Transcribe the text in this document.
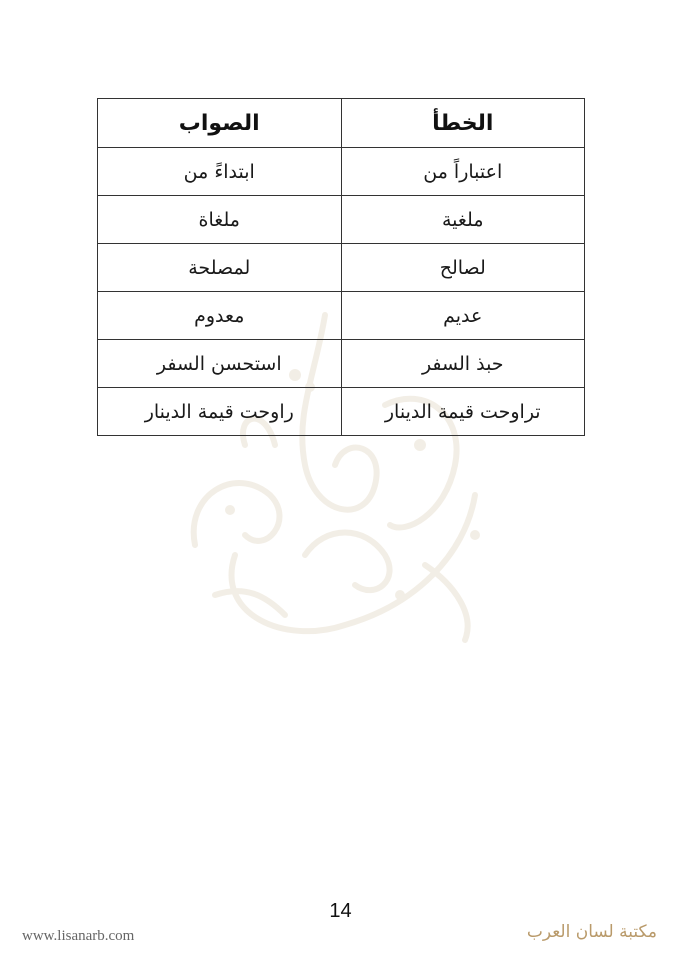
الخطأ	الصواب
اعتباراً من	ابتداءً من
ملغية	ملغاة
لصالح	لمصلحة
عديم	معدوم
حبذ السفر	استحسن السفر
تراوحت قيمة الدينار	راوحت قيمة الدينار
14
www.lisanarb.com	مكتبة لسان العرب
